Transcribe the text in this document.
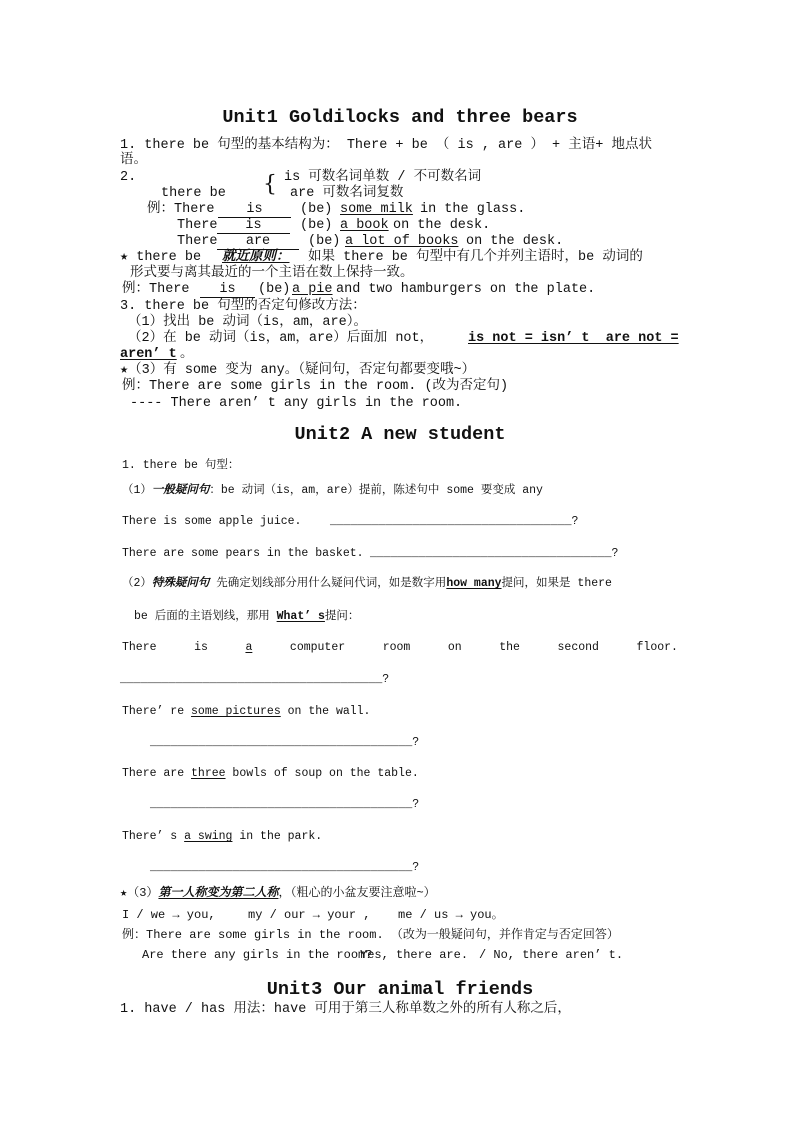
Unit1 Goldilocks and three bears
1. there be 句型的基本结构为： There + be （ is , are ） + 主语+ 地点状
语。
2.	is 可数名词单数 / 不可数名词
there be	are 可数名词复数
{
例：There	is	(be) some milk in the glass.
There	is	(be) a book on the desk.
There	are	(be) a lot of books on the desk.
★ there be 就近原则： 如果 there be 句型中有几个并列主语时，be 动词的
形式要与离其最近的一个主语在数上保持一致。
例：There	is	(be) a pie and two hamburgers on the plate.
3. there be 句型的否定句修改方法：
（1）找出 be 动词（is，am，are）。
（2）在 be 动词（is，am，are）后面加 not，	is not = isn’ t  are not =
aren’ t 。
★（3）有 some 变为 any。（疑问句，否定句都要变哦~）
例：There are some girls in the room. (改为否定句)
---- There aren’ t any girls in the room.
Unit2 A new student
1. there be 句型：
（1）一般疑问句：be 动词（is，am，are）提前，陈述句中 some 要变成 any
There is some apple juice. ___________________________________?
There are some pears in the basket. ___________________________________?
（2）特殊疑问句 先确定划线部分用什么疑问代词，如是数字用how many提问，如果是 there
be 后面的主语划线，那用 What’ s提问：
There	is	a	computer	room	on	the	second	floor.
______________________________________?
There’ re some pictures on the wall.
______________________________________?
There are three bowls of soup on the table.
______________________________________?
There’ s a swing in the park.
______________________________________?
★（3）第一人称变为第二人称，（粗心的小盆友要注意啦~）
I / we → you,	my / our → your , me / us → you。
例：There are some girls in the room. （改为一般疑问句，并作肯定与否定回答）
Are there any girls in the room?
Yes, there are. / No, there aren’ t.
Unit3 Our animal friends
1. have / has 用法：have 可用于第三人称单数之外的所有人称之后，
